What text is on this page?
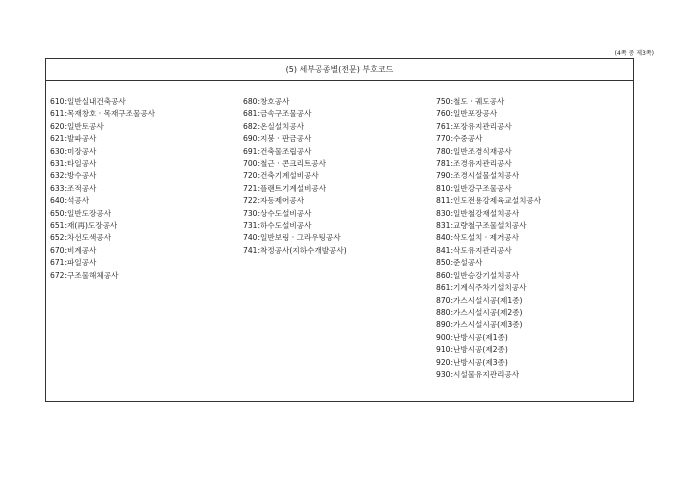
(4쪽 중 제3쪽)
(5) 세부공종별(전문) 부호코드
610:일반실내건축공사
611:목재창호 · 목재구조물공사
620:일반토공사
621:발파공사
630:미장공사
631:타일공사
632:방수공사
633:조적공사
640:석공사
650:일반도장공사
651:재(再)도장공사
652:차선도색공사
670:비계공사
671:파일공사
672:구조물해체공사
680:창호공사
681:금속구조물공사
682:온실설치공사
690:지붕 · 판금공사
691:건축물조립공사
700:철근 · 콘크리트공사
720:건축기계설비공사
721:플랜트기계설비공사
722:자동제어공사
730:상수도설비공사
731:하수도설비공사
740:일반보링 · 그라우팅공사
741:착정공사(지하수개발공사)
750:철도 · 궤도공사
760:일반포장공사
761:포장유지관리공사
770:수중공사
780:일반조경식재공사
781:조경유지관리공사
790:조경시설물설치공사
810:일반강구조물공사
811:인도전용강제육교설치공사
830:일반철강재설치공사
831:교량철구조물설치공사
840:삭도설치 · 제거공사
841:삭도유지관리공사
850:준설공사
860:일반승강기설치공사
861:기계식주차기설치공사
870:가스시설시공(제1종)
880:가스시설시공(제2종)
890:가스시설시공(제3종)
900:난방시공(제1종)
910:난방시공(제2종)
920:난방시공(제3종)
930:시설물유지관리공사
